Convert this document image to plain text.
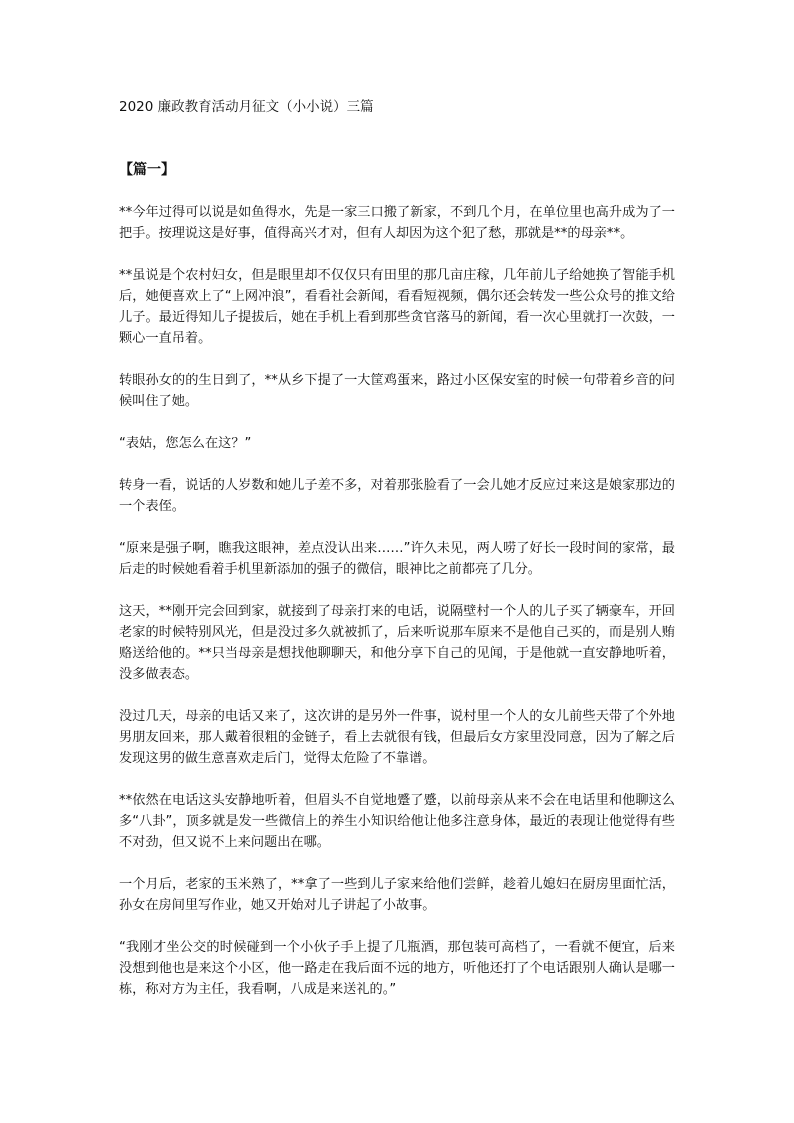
2020 廉政教育活动月征文（小小说）三篇
【篇一】

**今年过得可以说是如鱼得水，先是一家三口搬了新家，不到几个月，在单位里也高升成为了一把手。按理说这是好事，值得高兴才对，但有人却因为这个犯了愁，那就是**的母亲**。

**虽说是个农村妇女，但是眼里却不仅仅只有田里的那几亩庄稼，几年前儿子给她换了智能手机后，她便喜欢上了“上网冲浪”，看看社会新闻，看看短视频，偶尔还会转发一些公众号的推文给儿子。最近得知儿子提拔后，她在手机上看到那些贪官落马的新闻，看一次心里就打一次鼓，一颗心一直吊着。

转眼孙女的的生日到了，**从乡下提了一大筐鸡蛋来，路过小区保安室的时候一句带着乡音的问候叫住了她。

“表姑，您怎么在这？”

转身一看，说话的人岁数和她儿子差不多，对着那张脸看了一会儿她才反应过来这是娘家那边的一个表侄。

“原来是强子啊，瞧我这眼神，差点没认出来……”许久未见，两人唠了好长一段时间的家常，最后走的时候她看着手机里新添加的强子的微信，眼神比之前都亮了几分。

这天，**刚开完会回到家，就接到了母亲打来的电话，说隔壁村一个人的儿子买了辆豪车，开回老家的时候特别风光，但是没过多久就被抓了，后来听说那车原来不是他自己买的，而是别人贿赂送给他的。**只当母亲是想找他聊聊天，和他分享下自己的见闻，于是他就一直安静地听着，没多做表态。

没过几天，母亲的电话又来了，这次讲的是另外一件事，说村里一个人的女儿前些天带了个外地男朋友回来，那人戴着很粗的金链子，看上去就很有钱，但最后女方家里没同意，因为了解之后发现这男的做生意喜欢走后门，觉得太危险了不靠谱。

**依然在电话这头安静地听着，但眉头不自觉地蹙了蹙，以前母亲从来不会在电话里和他聊这么多“八卦”，顶多就是发一些微信上的养生小知识给他让他多注意身体，最近的表现让他觉得有些不对劲，但又说不上来问题出在哪。

一个月后，老家的玉米熟了，**拿了一些到儿子家来给他们尝鲜，趁着儿媳妇在厨房里面忙活，孙女在房间里写作业，她又开始对儿子讲起了小故事。

“我刚才坐公交的时候碰到一个小伙子手上提了几瓶酒，那包装可高档了，一看就不便宜，后来没想到他也是来这个小区，他一路走在我后面不远的地方，听他还打了个电话跟别人确认是哪一栋，称对方为主任，我看啊，八成是来送礼的。”
